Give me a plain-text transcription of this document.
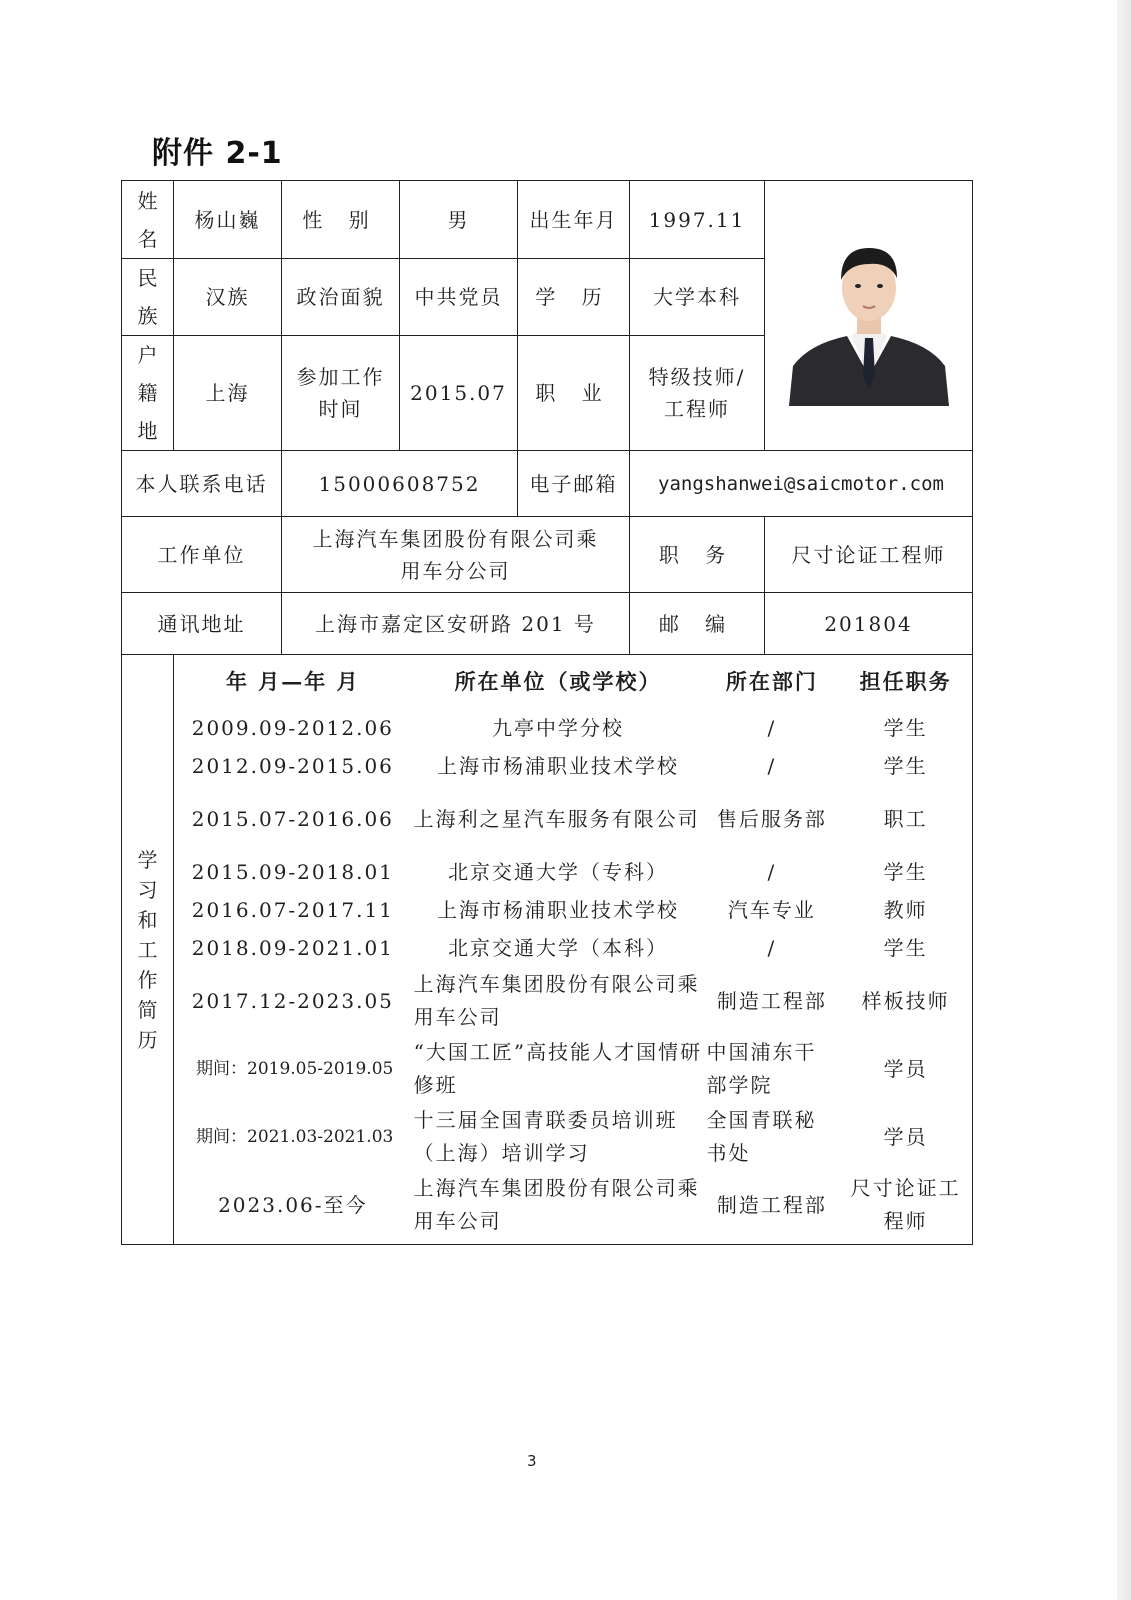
附件 2-1
姓
名
	杨山巍	性 别	男	出生年月	1997.11	

民
族
	汉族	政治面貌	中共党员	学 历	大学本科

户
籍
地
	上海	参加工作时间	2015.07	职 业	特级技师/工程师
本人联系电话	15000608752	电子邮箱	yangshanwei@saicmotor.com
工作单位	上海汽车集团股份有限公司乘用车分公司	职 务	尺寸论证工程师
通讯地址	上海市嘉定区安研路 201 号	邮 编	201804

学
习
和
工
作
简
历

年 月—年 月	所在单位（或学校）	所在部门	担任职务
2009.09-2012.06	九亭中学分校	/	学生
2012.09-2015.06	上海市杨浦职业技术学校	/	学生
2015.07-2016.06	上海利之星汽车服务有限公司	售后服务部	职工
2015.09-2018.01	北京交通大学（专科）	/	学生
2016.07-2017.11	上海市杨浦职业技术学校	汽车专业	教师
2018.09-2021.01	北京交通大学（本科）	/	学生
2017.12-2023.05	上海汽车集团股份有限公司乘用车公司	制造工程部	样板技师
期间：2019.05-2019.05	“大国工匠”高技能人才国情研修班	中国浦东干部学院	学员
期间：2021.03-2021.03	十三届全国青联委员培训班（上海）培训学习	全国青联秘书处	学员
2023.06-至今	上海汽车集团股份有限公司乘用车公司	制造工程部	尺寸论证工程师
3
